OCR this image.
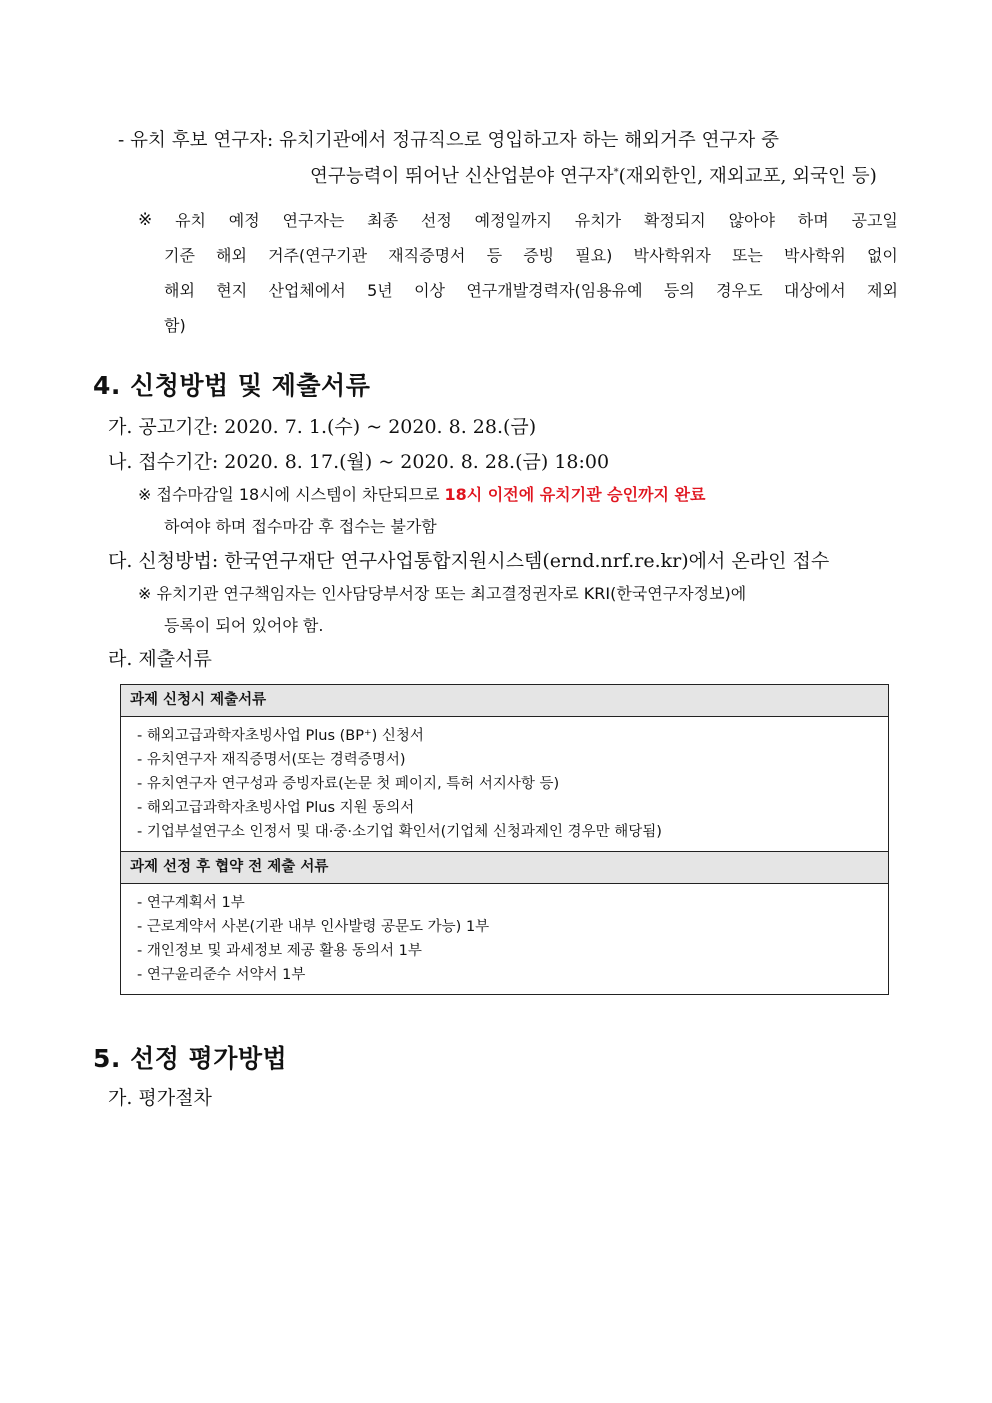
- 유치 후보 연구자: 유치기관에서 정규직으로 영입하고자 하는 해외거주 연구자 중
연구능력이 뛰어난 신산업분야 연구자*(재외한인, 재외교포, 외국인 등)
※ 유치 예정 연구자는 최종 선정 예정일까지 유치가 확정되지 않아야 하며 공고일
기준 해외 거주(연구기관 재직증명서 등 증빙 필요) 박사학위자 또는 박사학위 없이
해외 현지 산업체에서 5년 이상 연구개발경력자(임용유예 등의 경우도 대상에서 제외
함)
4. 신청방법 및 제출서류
가. 공고기간: 2020. 7. 1.(수) ~ 2020. 8. 28.(금)
나. 접수기간: 2020. 8. 17.(월) ~ 2020. 8. 28.(금) 18:00
※ 접수마감일 18시에 시스템이 차단되므로 18시 이전에 유치기관 승인까지 완료
하여야 하며 접수마감 후 접수는 불가함
다. 신청방법: 한국연구재단 연구사업통합지원시스템(ernd.nrf.re.kr)에서 온라인 접수
※ 유치기관 연구책임자는 인사담당부서장 또는 최고결정권자로 KRI(한국연구자정보)에
등록이 되어 있어야 함.
라. 제출서류
과제 신청시 제출서류
- 해외고급과학자초빙사업 Plus (BP⁺) 신청서
- 유치연구자 재직증명서(또는 경력증명서)
- 유치연구자 연구성과 증빙자료(논문 첫 페이지, 특허 서지사항 등)
- 해외고급과학자초빙사업 Plus 지원 동의서
- 기업부설연구소 인정서 및 대·중·소기업 확인서(기업체 신청과제인 경우만 해당됨)
과제 선정 후 협약 전 제출 서류
- 연구계획서 1부
- 근로계약서 사본(기관 내부 인사발령 공문도 가능) 1부
- 개인정보 및 과세정보 제공 활용 동의서 1부
- 연구윤리준수 서약서 1부
5. 선정 평가방법
가. 평가절차
